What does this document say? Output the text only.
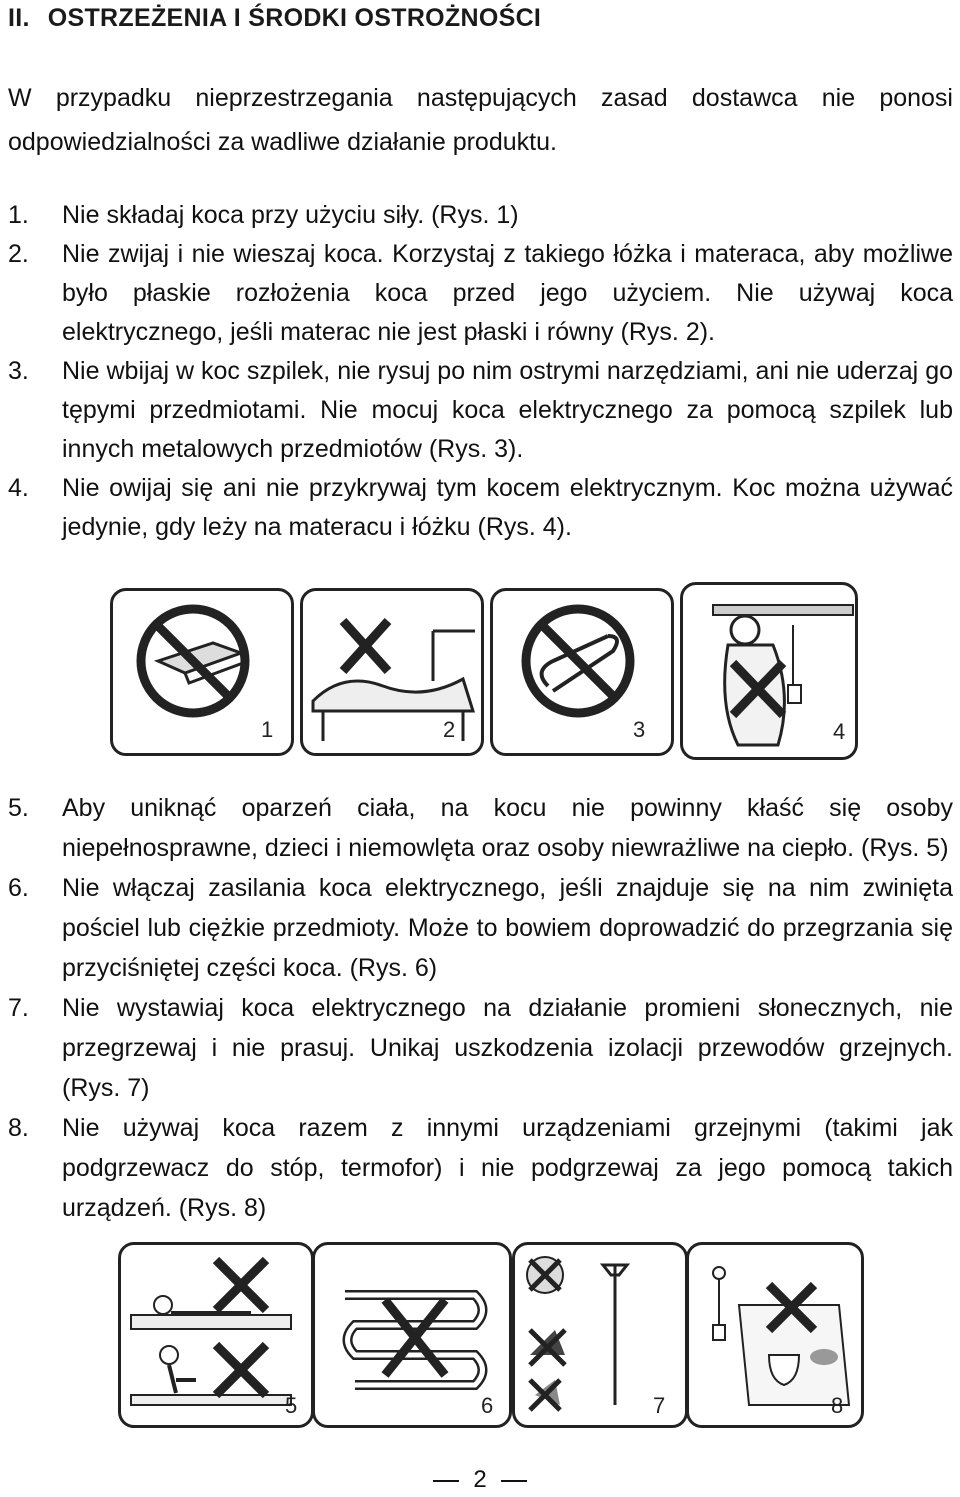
II. OSTRZEŻENIA I ŚRODKI OSTROŻNOŚCI
W przypadku nieprzestrzegania następujących zasad dostawca nie ponosi odpowiedzialności za wadliwe działanie produktu.
1. Nie składaj koca przy użyciu siły. (Rys. 1)
2. Nie zwijaj i nie wieszaj koca. Korzystaj z takiego łóżka i materaca, aby możliwe było płaskie rozłożenia koca przed jego użyciem. Nie używaj koca elektrycznego, jeśli materac nie jest płaski i równy (Rys. 2).
3. Nie wbijaj w koc szpilek, nie rysuj po nim ostrymi narzędziami, ani nie uderzaj go tępymi przedmiotami. Nie mocuj koca elektrycznego za pomocą szpilek lub innych metalowych przedmiotów (Rys. 3).
4. Nie owijaj się ani nie przykrywaj tym kocem elektrycznym. Koc można używać jedynie, gdy leży na materacu i łóżku (Rys. 4).
1	2	3	4
5. Aby uniknąć oparzeń ciała, na kocu nie powinny kłaść się osoby niepełnosprawne, dzieci i niemowlęta oraz osoby niewrażliwe na ciepło. (Rys. 5)
6. Nie włączaj zasilania koca elektrycznego, jeśli znajduje się na nim zwinięta pościel lub ciężkie przedmioty. Może to bowiem doprowadzić do przegrzania się przyciśniętej części koca. (Rys. 6)
7. Nie wystawiaj koca elektrycznego na działanie promieni słonecznych, nie przegrzewaj i nie prasuj. Unikaj uszkodzenia izolacji przewodów grzejnych. (Rys. 7)
8. Nie używaj koca razem z innymi urządzeniami grzejnymi (takimi jak podgrzewacz do stóp, termofor) i nie podgrzewaj za jego pomocą takich urządzeń. (Rys. 8)
5	6	7	8
2
